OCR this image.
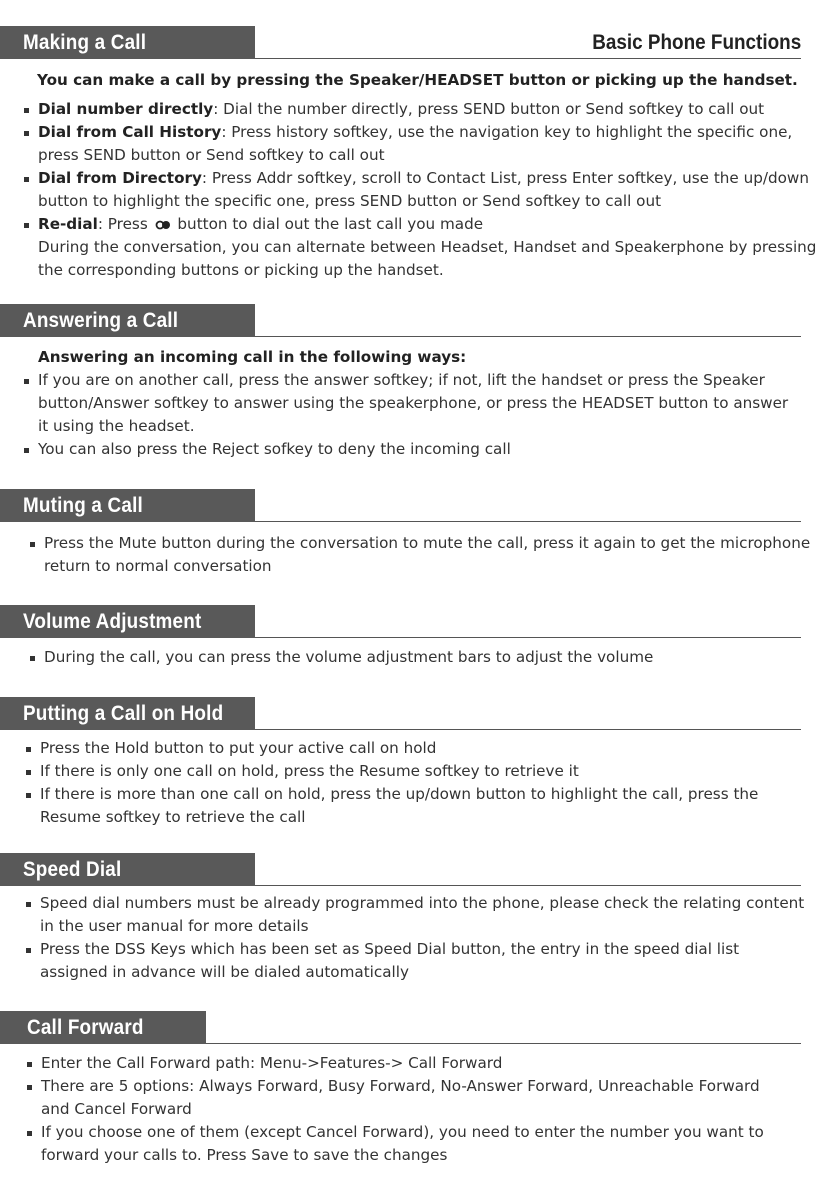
Making a Call	Basic Phone Functions
You can make a call by pressing the Speaker/HEADSET button or picking up the handset.
Dial number directly: Dial the number directly, press SEND button or Send softkey to call out
Dial from Call History: Press history softkey, use the navigation key to highlight the specific one,
press SEND button or Send softkey to call out
Dial from Directory: Press Addr softkey, scroll to Contact List, press Enter softkey, use the up/down
button to highlight the specific one, press SEND button or Send softkey to call out
Re-dial: Press button to dial out the last call you made
During the conversation, you can alternate between Headset, Handset and Speakerphone by pressing
the corresponding buttons or picking up the handset.
Answering a Call
Answering an incoming call in the following ways:
If you are on another call, press the answer softkey; if not, lift the handset or press the Speaker
button/Answer softkey to answer using the speakerphone, or press the HEADSET button to answer
it using the headset.
You can also press the Reject sofkey to deny the incoming call
Muting a Call
Press the Mute button during the conversation to mute the call, press it again to get the microphone
return to normal conversation
Volume Adjustment
During the call, you can press the volume adjustment bars to adjust the volume
Putting a Call on Hold
Press the Hold button to put your active call on hold
If there is only one call on hold, press the Resume softkey to retrieve it
If there is more than one call on hold, press the up/down button to highlight the call, press the
Resume softkey to retrieve the call
Speed Dial
Speed dial numbers must be already programmed into the phone, please check the relating content
in the user manual for more details
Press the DSS Keys which has been set as Speed Dial button, the entry in the speed dial list
assigned in advance will be dialed automatically
Call Forward
Enter the Call Forward path: Menu->Features-> Call Forward
There are 5 options: Always Forward, Busy Forward, No-Answer Forward, Unreachable Forward
and Cancel Forward
If you choose one of them (except Cancel Forward), you need to enter the number you want to
forward your calls to. Press Save to save the changes
